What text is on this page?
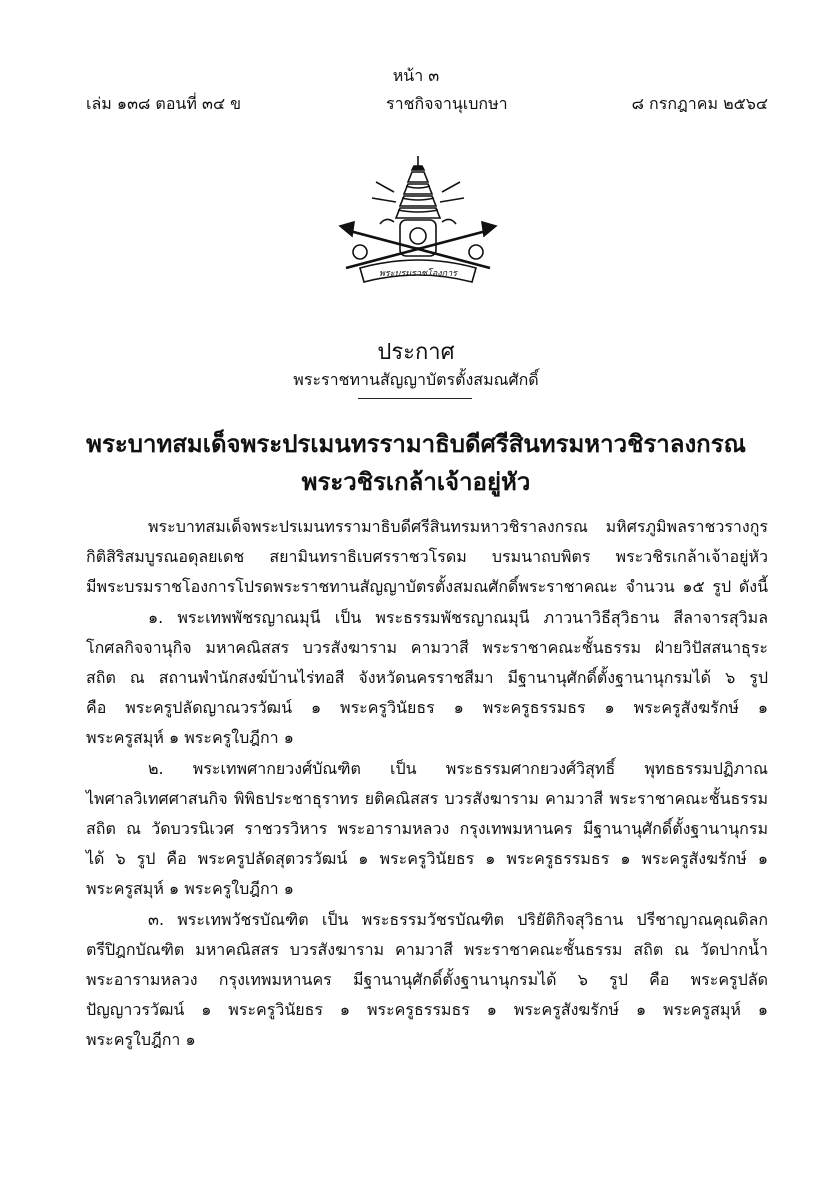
หน้า ๓
เล่ม ๑๓๘ ตอนที่ ๓๔ ข	ราชกิจจานุเบกษา	๘ กรกฎาคม ๒๕๖๔
พระบรมราชโองการ
ประกาศ
พระราชทานสัญญาบัตรตั้งสมณศักดิ์
พระบาทสมเด็จพระปรเมนทรรามาธิบดีศรีสินทรมหาวชิราลงกรณ
พระวชิรเกล้าเจ้าอยู่หัว

พระบาทสมเด็จพระปรเมนทรรามาธิบดีศรีสินทรมหาวชิราลงกรณ มหิศรภูมิพลราชวรางกูร

กิติสิริสมบูรณอดุลยเดช สยามินทราธิเบศรราชวโรดม บรมนาถบพิตร พระวชิรเกล้าเจ้าอยู่หัว

มีพระบรมราชโองการโปรดพระราชทานสัญญาบัตรตั้งสมณศักดิ์พระราชาคณะ จำนวน ๑๕ รูป ดังนี้

๑. พระเทพพัชรญาณมุนี เป็น พระธรรมพัชรญาณมุนี ภาวนาวิธีสุวิธาน สีลาจารสุวิมล

โกศลกิจจานุกิจ มหาคณิสสร บวรสังฆาราม คามวาสี พระราชาคณะชั้นธรรม ฝ่ายวิปัสสนาธุระ

สถิต ณ สถานพำนักสงฆ์บ้านไร่ทอสี จังหวัดนครราชสีมา มีฐานานุศักดิ์ตั้งฐานานุกรมได้ ๖ รูป

คือ พระครูปลัดญาณวรวัฒน์ ๑ พระครูวินัยธร ๑ พระครูธรรมธร ๑ พระครูสังฆรักษ์ ๑

พระครูสมุห์ ๑ พระครูใบฎีกา ๑

๒. พระเทพศากยวงศ์บัณฑิต เป็น พระธรรมศากยวงศ์วิสุทธิ์ พุทธธรรมปฏิภาณ

ไพศาลวิเทศศาสนกิจ พิพิธประชาธุราทร ยติคณิสสร บวรสังฆาราม คามวาสี พระราชาคณะชั้นธรรม

สถิต ณ วัดบวรนิเวศ ราชวรวิหาร พระอารามหลวง กรุงเทพมหานคร มีฐานานุศักดิ์ตั้งฐานานุกรม

ได้ ๖ รูป คือ พระครูปลัดสุตวรวัฒน์ ๑ พระครูวินัยธร ๑ พระครูธรรมธร ๑ พระครูสังฆรักษ์ ๑

พระครูสมุห์ ๑ พระครูใบฎีกา ๑

๓. พระเทพวัชรบัณฑิต เป็น พระธรรมวัชรบัณฑิต ปริยัติกิจสุวิธาน ปรีชาญาณคุณดิลก

ตรีปิฎกบัณฑิต มหาคณิสสร บวรสังฆาราม คามวาสี พระราชาคณะชั้นธรรม สถิต ณ วัดปากน้ำ

พระอารามหลวง กรุงเทพมหานคร มีฐานานุศักดิ์ตั้งฐานานุกรมได้ ๖ รูป คือ พระครูปลัด

ปัญญาวรวัฒน์ ๑ พระครูวินัยธร ๑ พระครูธรรมธร ๑ พระครูสังฆรักษ์ ๑ พระครูสมุห์ ๑

พระครูใบฎีกา ๑
